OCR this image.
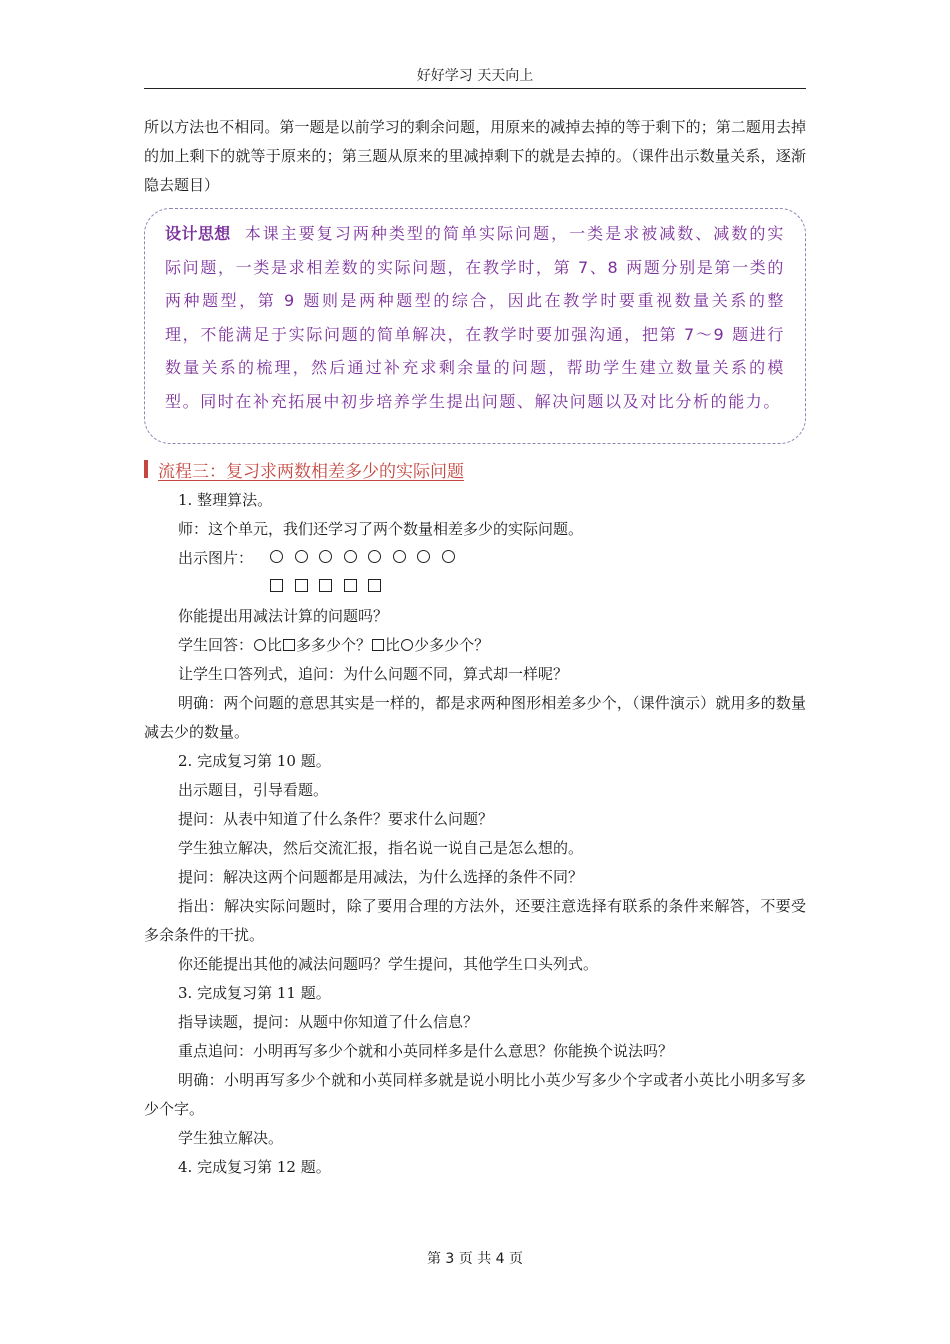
好好学习 天天向上

所以方法也不相同。第一题是以前学习的剩余问题，用原来的减掉去掉的等于剩下的；第二题用去掉的加上剩下的就等于原来的；第三题从原来的里减掉剩下的就是去掉的。（课件出示数量关系，逐渐隐去题目）

设计思想 本课主要复习两种类型的简单实际问题，一类是求被减数、减数的实际问题，一类是求相差数的实际问题，在教学时，第 7、8 两题分别是第一类的两种题型，第 9 题则是两种题型的综合，因此在教学时要重视数量关系的整理，不能满足于实际问题的简单解决，在教学时要加强沟通，把第 7～9 题进行数量关系的梳理，然后通过补充求剩余量的问题，帮助学生建立数量关系的模型。同时在补充拓展中初步培养学生提出问题、解决问题以及对比分析的能力。

流程三：复习求两数相差多少的实际问题

1. 整理算法。

师：这个单元，我们还学习了两个数量相差多少的实际问题。

出示图片：

你能提出用减法计算的问题吗？

学生回答： 比 多多少个？ 比 少多少个？

让学生口答列式，追问：为什么问题不同，算式却一样呢？

明确：两个问题的意思其实是一样的，都是求两种图形相差多少个，（课件演示）就用多的数量减去少的数量。

2. 完成复习第 10 题。

出示题目，引导看题。

提问：从表中知道了什么条件？要求什么问题？

学生独立解决，然后交流汇报，指名说一说自己是怎么想的。

提问：解决这两个问题都是用减法，为什么选择的条件不同？

指出：解决实际问题时，除了要用合理的方法外，还要注意选择有联系的条件来解答，不要受多余条件的干扰。

你还能提出其他的减法问题吗？学生提问，其他学生口头列式。

3. 完成复习第 11 题。

指导读题，提问：从题中你知道了什么信息？

重点追问：小明再写多少个就和小英同样多是什么意思？你能换个说法吗？

明确：小明再写多少个就和小英同样多就是说小明比小英少写多少个字或者小英比小明多写多少个字。

学生独立解决。

4. 完成复习第 12 题。

第 3 页 共 4 页
